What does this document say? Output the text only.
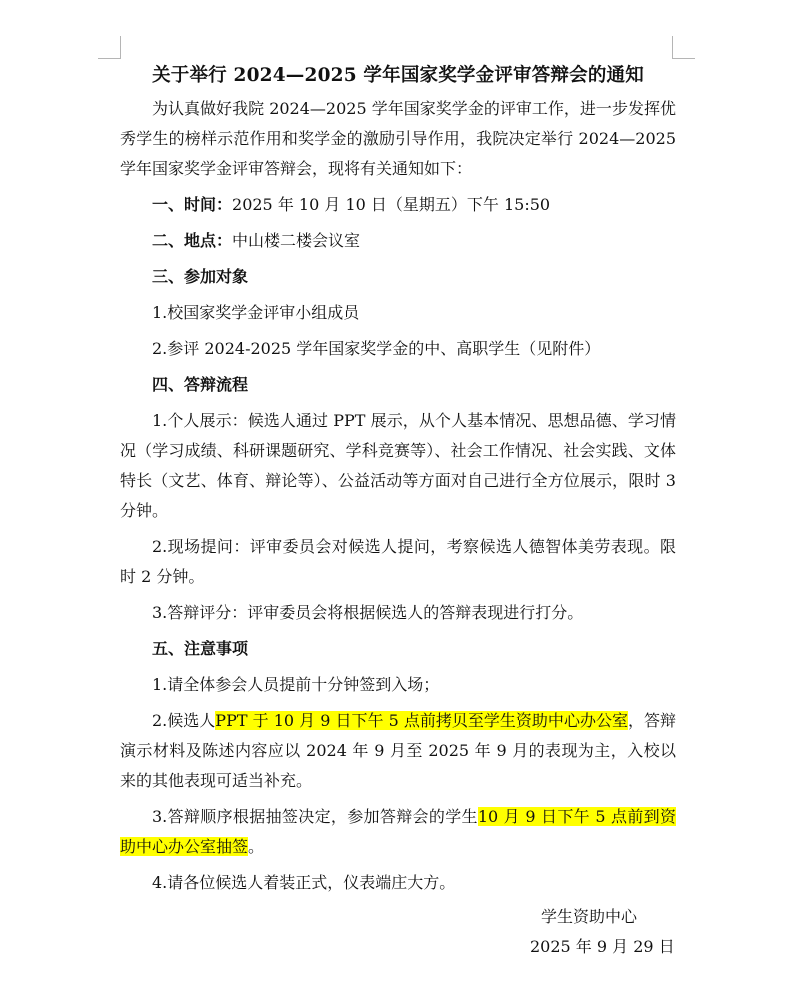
关于举行 2024—2025 学年国家奖学金评审答辩会的通知

为认真做好我院 2024—2025 学年国家奖学金的评审工作，进一步发挥优秀学生的榜样示范作用和奖学金的激励引导作用，我院决定举行 2024—2025 学年国家奖学金评审答辩会，现将有关通知如下：

一、时间：2025 年 10 月 10 日（星期五）下午 15:50

二、地点：中山楼二楼会议室

三、参加对象

1.校国家奖学金评审小组成员

2.参评 2024-2025 学年国家奖学金的中、高职学生（见附件）

四、答辩流程

1.个人展示：候选人通过 PPT 展示，从个人基本情况、思想品德、学习情况（学习成绩、科研课题研究、学科竞赛等）、社会工作情况、社会实践、文体特长（文艺、体育、辩论等）、公益活动等方面对自己进行全方位展示，限时 3 分钟。

2.现场提问：评审委员会对候选人提问，考察候选人德智体美劳表现。限时 2 分钟。

3.答辩评分：评审委员会将根据候选人的答辩表现进行打分。

五、注意事项

1.请全体参会人员提前十分钟签到入场；

2.候选人PPT 于 10 月 9 日下午 5 点前拷贝至学生资助中心办公室，答辩演示材料及陈述内容应以 2024 年 9 月至 2025 年 9 月的表现为主，入校以来的其他表现可适当补充。

3.答辩顺序根据抽签决定，参加答辩会的学生10 月 9 日下午 5 点前到资助中心办公室抽签。

4.请各位候选人着装正式，仪表端庄大方。

学生资助中心
2025 年 9 月 29 日
